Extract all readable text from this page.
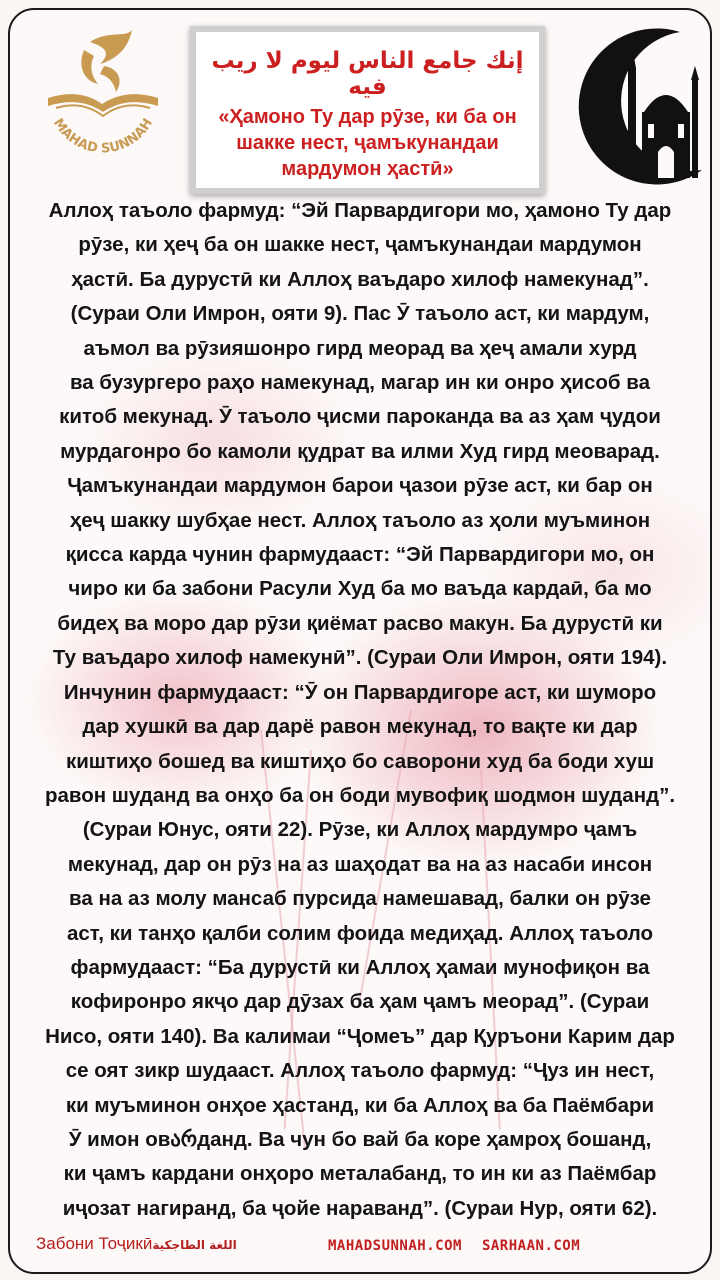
MAHAD SUNNAH
إنك جامع الناس ليوم لا ريب فيه
«Ҳамоно Ту дар рӯзе, ки ба он шакке нест, ҷамъкунандаи мардумон ҳастӣ»
Аллоҳ таъоло фармуд: “Эй Парвардигори мо, ҳамоно Ту дар
рӯзе, ки ҳеҷ ба он шакке нест, ҷамъкунандаи мардумон
ҳастӣ. Ба дурустӣ ки Аллоҳ ваъдаро хилоф намекунад”.
(Сураи Оли Имрон, ояти 9). Пас Ӯ таъоло аст, ки мардум,
аъмол ва рӯзияшонро гирд меорад ва ҳеҷ амали хурд
ва бузургеро раҳо намекунад, магар ин ки онро ҳисоб ва
китоб мекунад. Ӯ таъоло ҷисми пароканда ва аз ҳам ҷудои
мурдагонро бо камоли қудрат ва илми Худ гирд меоварад.
Ҷамъкунандаи мардумон барои ҷазои рӯзе аст, ки бар он
ҳеҷ шакку шубҳае нест. Аллоҳ таъоло аз ҳоли муъминон
қисса карда чунин фармудааст: “Эй Парвардигори мо, он
чиро ки ба забони Расули Худ ба мо ваъда кардаӣ, ба мо
бидеҳ ва моро дар рӯзи қиёмат расво макун. Ба дурустӣ ки
Ту ваъдаро хилоф намекунӣ”. (Сураи Оли Имрон, ояти 194).
Инчунин фармудааст: “Ӯ он Парвардигоре аст, ки шуморо
дар хушкӣ ва дар дарё равон мекунад, то вақте ки дар
киштиҳо бошед ва киштиҳо бо саворони худ ба боди хуш
равон шуданд ва онҳо ба он боди мувофиқ шодмон шуданд”.
(Сураи Юнус, ояти 22). Рӯзе, ки Аллоҳ мардумро ҷамъ
мекунад, дар он рӯз на аз шаҳодат ва на аз насаби инсон
ва на аз молу мансаб пурсида намешавад, балки он рӯзе
аст, ки танҳо қалби солим фоида медиҳад. Аллоҳ таъоло
фармудааст: “Ба дурустӣ ки Аллоҳ ҳамаи мунофиқон ва
кофиронро якҷо дар дӯзах ба ҳам ҷамъ меорад”. (Сураи
Нисо, ояти 140). Ва калимаи “Ҷомеъ” дар Қуръони Карим дар
се оят зикр шудааст. Аллоҳ таъоло фармуд: “Ҷуз ин нест,
ки муъминон онҳое ҳастанд, ки ба Аллоҳ ва ба Паёмбари
Ӯ имон овარданд. Ва чун бо вай ба коре ҳамроҳ бошанд,
ки ҷамъ кардани онҳоро металабанд, то ин ки аз Паёмбар
иҷозат нагиранд, ба ҷойе нараванд”. (Сураи Нур, ояти 62).
Забони Тоҷикӣاللغة الطاجكية	MAHADSUNNAH.COM SARHAAN.COM
